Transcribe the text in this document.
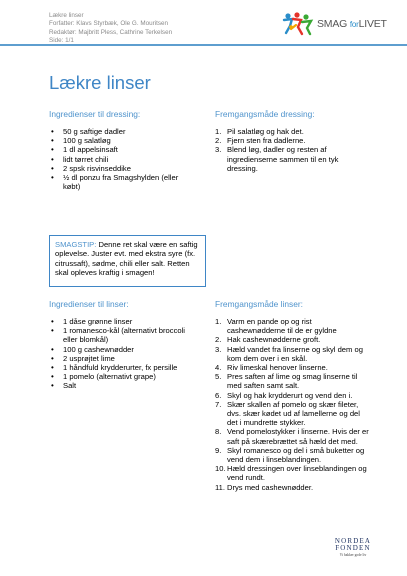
Lækre linser
Forfatter: Klavs Styrbæk, Ole G. Mouritsen
Redaktør: Majbritt Pless, Cathrine Terkelsen
Side: 1/1
SMAG forLIVET
Lækre linser
Ingredienser til dressing:
• 50 g saftige dadler
• 100 g salatløg
• 1 dl appelsinsaft
• lidt tørret chili
• 2 spsk risvinseddike
• ½ dl ponzu fra Smagshylden (eller købt)
Fremgangsmåde dressing:
1. Pil salatløg og hak det.
2. Fjern sten fra dadlerne.
3. Blend løg, dadler og resten af ingredienserne sammen til en tyk dressing.
SMAGSTIP: Denne ret skal være en saftig oplevelse. Juster evt. med ekstra syre (fx. citrussaft), sødme, chili eller salt. Retten skal opleves kraftig i smagen!
Ingredienser til linser:
• 1 dåse grønne linser
• 1 romanesco-kål (alternativt broccoli eller blomkål)
• 100 g cashewnødder
• 2 usprøjtet lime
• 1 håndfuld krydderurter, fx persille
• 1 pomelo (alternativt grape)
• Salt
Fremgangsmåde linser:
1. Varm en pande op og rist cashewnødderne til de er gyldne
2. Hak cashewnødderne groft.
3. Hæld vandet fra linserne og skyl dem og kom dem over i en skål.
4. Riv limeskal henover linserne.
5. Pres saften af lime og smag linserne til med saften samt salt.
6. Skyl og hak krydderurt og vend den i.
7. Skær skallen af pomelo og skær fileter, dvs. skær kødet ud af lamellerne og del det i mundrette stykker.
8. Vend pomelostykker i linserne. Hvis der er saft på skærebrættet så hæld det med.
9. Skyl romanesco og del i små buketter og vend dem i linseblandingen.
10. Hæld dressingen over linseblandingen og vend rundt.
11. Drys med cashewnødder.
NORDEA
FONDEN
Vi bakker gode liv
